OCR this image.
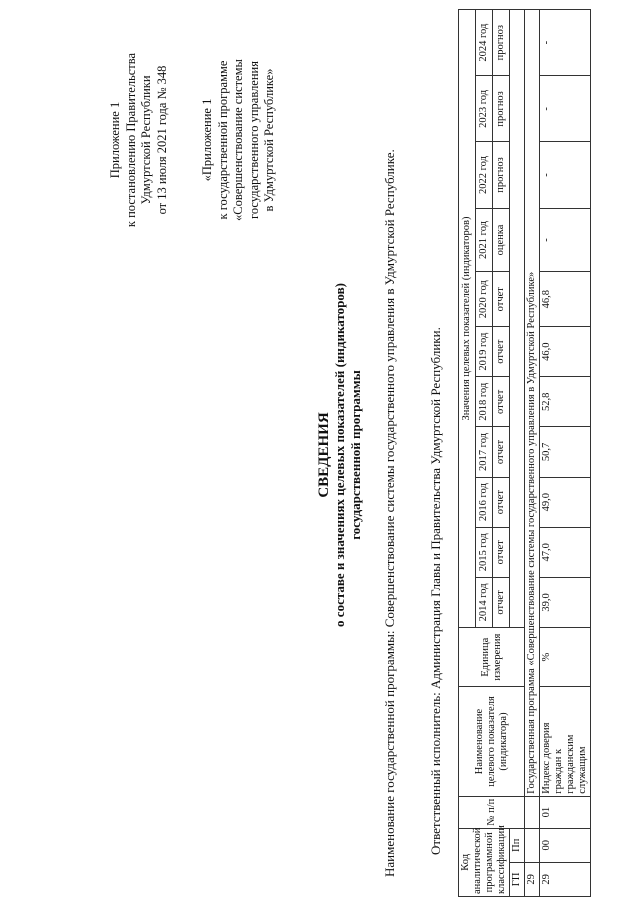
Приложение 1 к постановлению Правительства Удмуртской Республики от 13 июля 2021 года № 348	«Приложение 1 к государственной программе «Совершенствование системы государственного управления в Удмуртской Республике»
СВЕДЕНИЯ о составе и значениях целевых показателей (индикаторов) государственной программы Наименование государственной программы: Совершенствование системы государственного управления в Удмуртской Республике. Ответственный исполнитель: Администрация Главы и Правительства Удмуртской Республики.
Код аналитической программной классификации		№ п/п	Наименование целевого показателя (индикатора)	Единица измерения	Значения целевых показателей (индикаторов)										
					2014 год	2015 год	2016 год	2017 год	2018 год	2019 год	2020 год	2021 год	2022 год	2023 год	2024 год
					отчет	отчет	отчет	отчет	отчет	отчет	отчет	оценка	прогноз	прогноз	прогноз
ГП	Пп														
29			Государственная программа «Совершенствование системы государственного управления в Удмуртской Республике»												
29	00	01	Индекс доверия граждан к гражданским служащим	%	39,0	47,0	49,0	50,7	52,8	46,0	46,8	-	-	-	-
